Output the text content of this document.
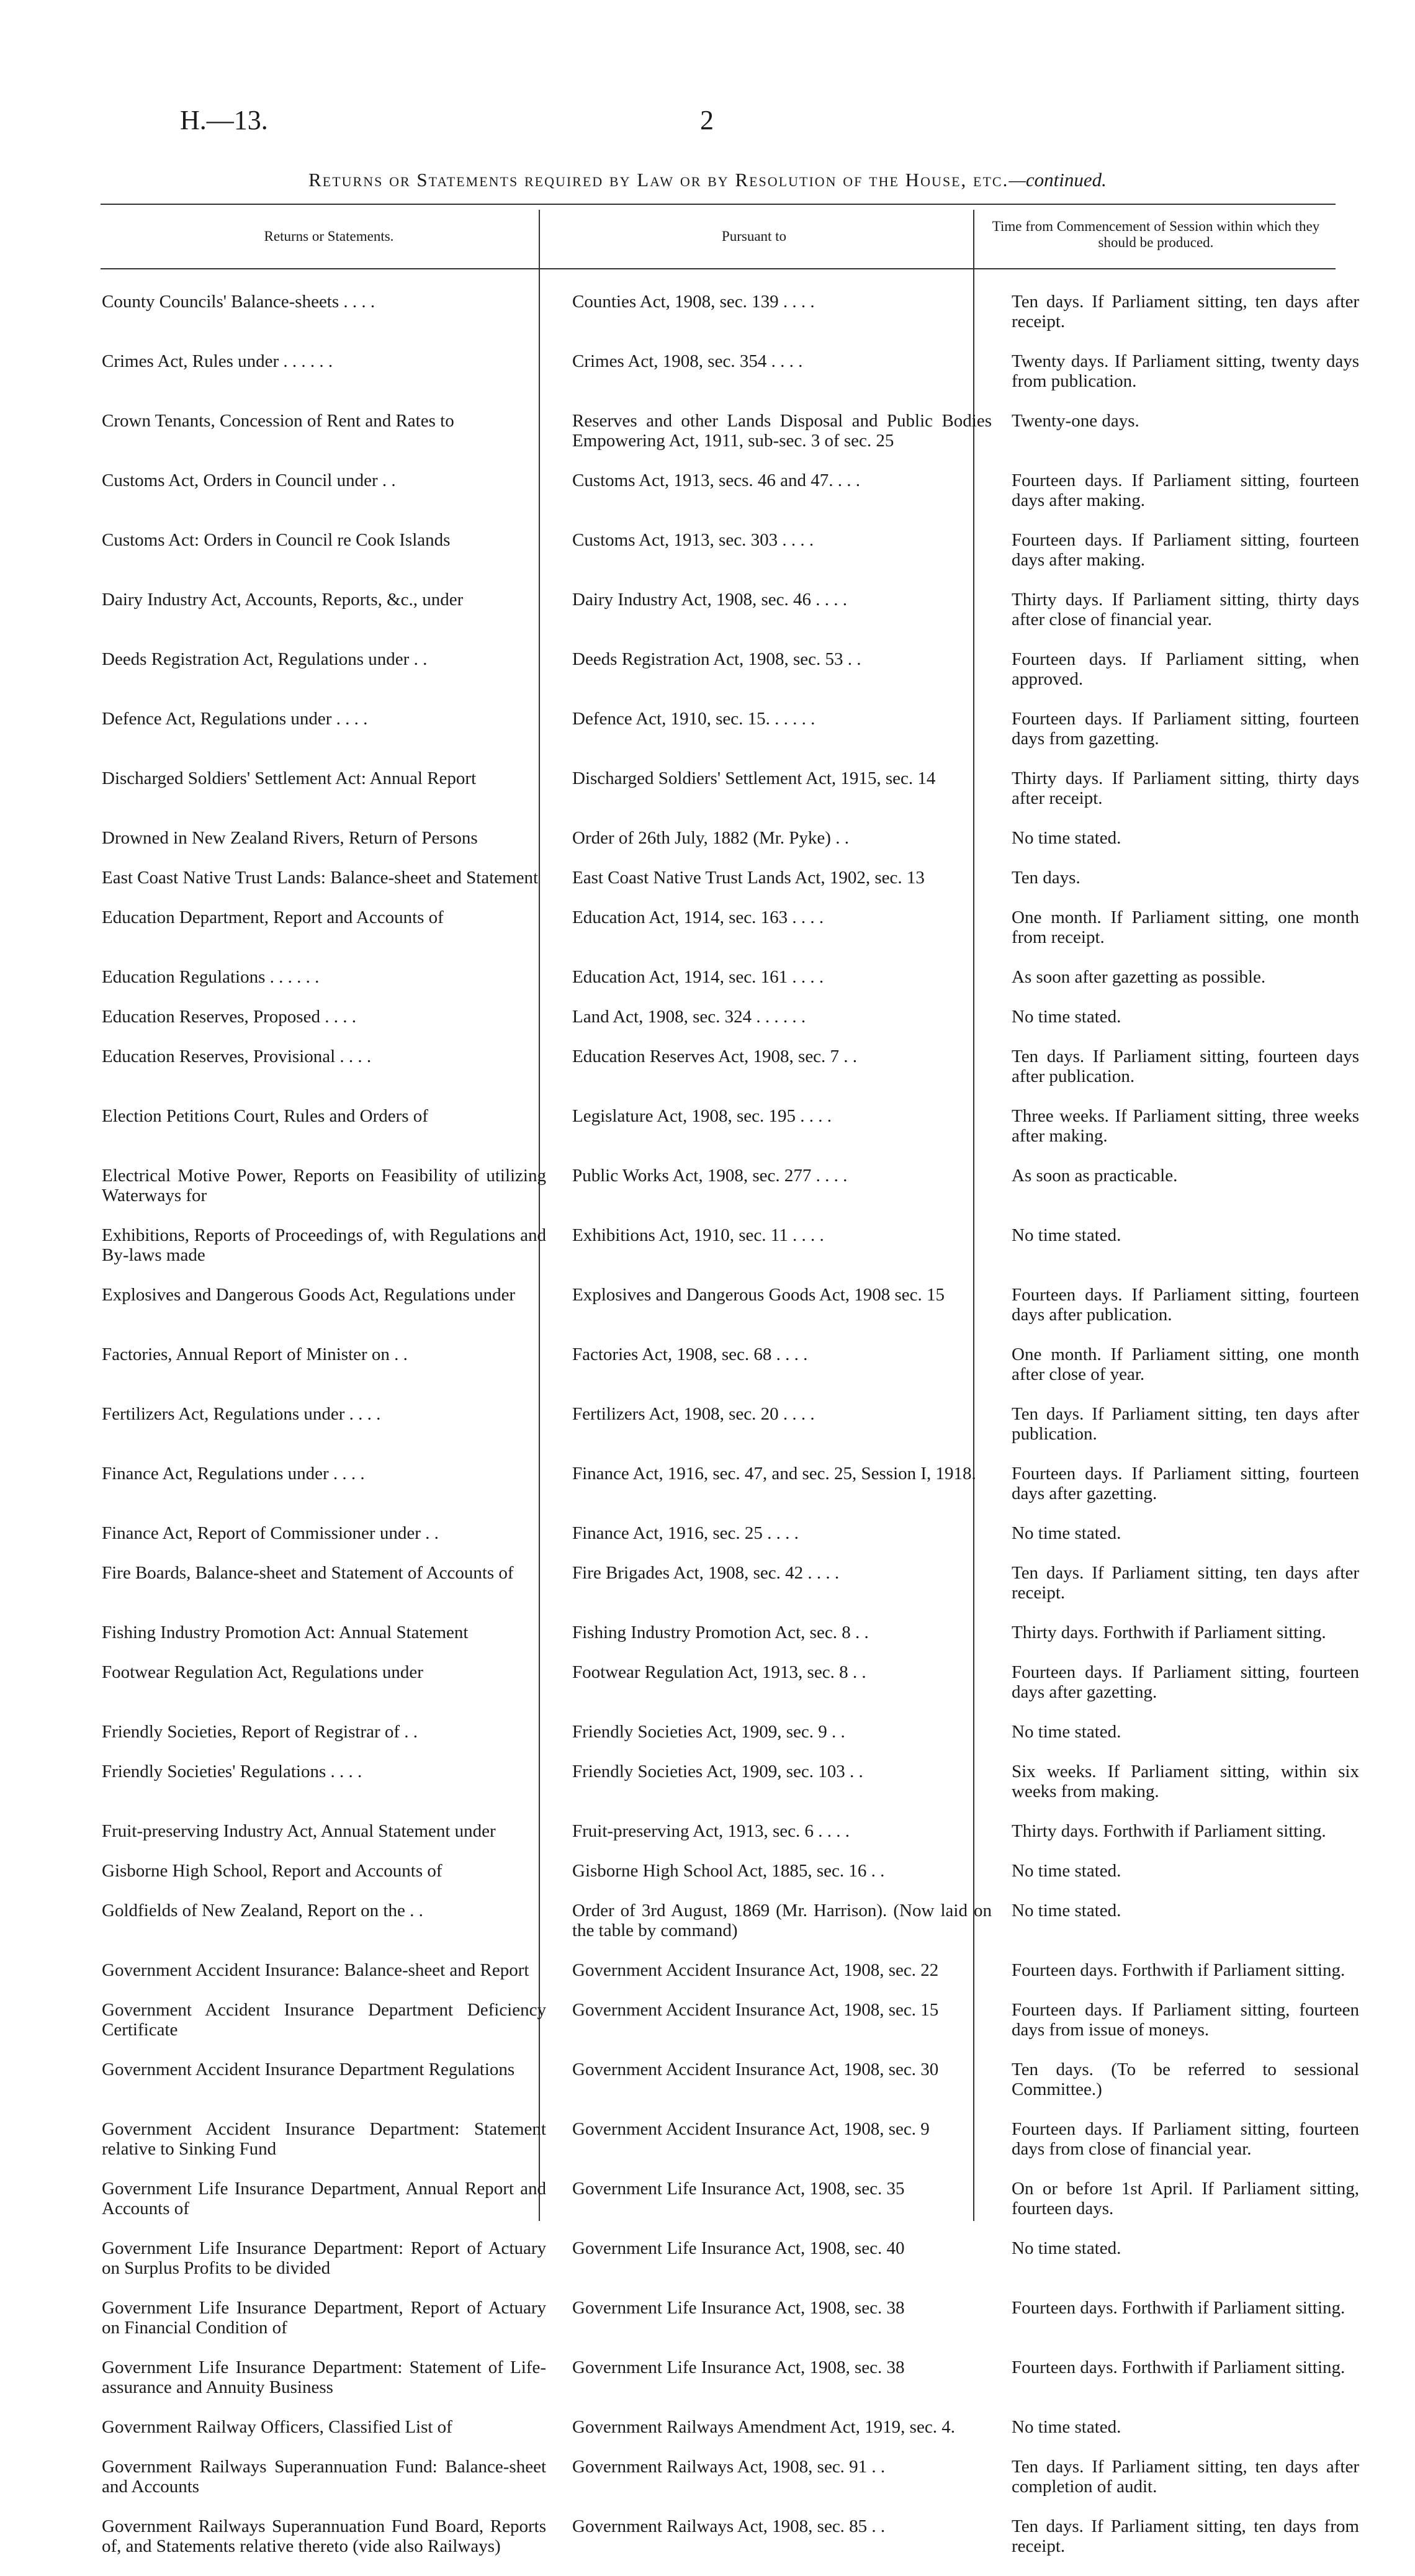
H.—13.	2
Returns or Statements required by Law or by Resolution of the House, etc.—continued.
Returns or Statements.	Pursuant to
Time from Commencement of Session within which they should be produced.
County Councils' Balance-sheets . . . .	Counties Act, 1908, sec. 139 . . . .	Ten days. If Parliament sitting, ten days after receipt.
Crimes Act, Rules under . . . . . .	Crimes Act, 1908, sec. 354 . . . .	Twenty days. If Parliament sitting, twenty days from publication.
Crown Tenants, Concession of Rent and Rates to	Reserves and other Lands Disposal and Public Bodies Empowering Act, 1911, sub-sec. 3 of sec. 25	Twenty-one days.
Customs Act, Orders in Council under . .	Customs Act, 1913, secs. 46 and 47. . . .	Fourteen days. If Parliament sitting, fourteen days after making.
Customs Act: Orders in Council re Cook Islands	Customs Act, 1913, sec. 303 . . . .	Fourteen days. If Parliament sitting, fourteen days after making.
Dairy Industry Act, Accounts, Reports, &c., under	Dairy Industry Act, 1908, sec. 46 . . . .	Thirty days. If Parliament sitting, thirty days after close of financial year.
Deeds Registration Act, Regulations under . .	Deeds Registration Act, 1908, sec. 53 . .	Fourteen days. If Parliament sitting, when approved.
Defence Act, Regulations under . . . .	Defence Act, 1910, sec. 15. . . . . .	Fourteen days. If Parliament sitting, fourteen days from gazetting.
Discharged Soldiers' Settlement Act: Annual Report	Discharged Soldiers' Settlement Act, 1915, sec. 14	Thirty days. If Parliament sitting, thirty days after receipt.
Drowned in New Zealand Rivers, Return of Persons	Order of 26th July, 1882 (Mr. Pyke) . .	No time stated.
East Coast Native Trust Lands: Balance-sheet and Statement	East Coast Native Trust Lands Act, 1902, sec. 13	Ten days.
Education Department, Report and Accounts of	Education Act, 1914, sec. 163 . . . .	One month. If Parliament sitting, one month from receipt.
Education Regulations . . . . . .	Education Act, 1914, sec. 161 . . . .	As soon after gazetting as possible.
Education Reserves, Proposed . . . .	Land Act, 1908, sec. 324 . . . . . .	No time stated.
Education Reserves, Provisional . . . .	Education Reserves Act, 1908, sec. 7 . .	Ten days. If Parliament sitting, fourteen days after publication.
Election Petitions Court, Rules and Orders of	Legislature Act, 1908, sec. 195 . . . .	Three weeks. If Parliament sitting, three weeks after making.
Electrical Motive Power, Reports on Feasibility of utilizing Waterways for	Public Works Act, 1908, sec. 277 . . . .	As soon as practicable.
Exhibitions, Reports of Proceedings of, with Regulations and By-laws made	Exhibitions Act, 1910, sec. 11 . . . .	No time stated.
Explosives and Dangerous Goods Act, Regulations under	Explosives and Dangerous Goods Act, 1908 sec. 15	Fourteen days. If Parliament sitting, fourteen days after publication.
Factories, Annual Report of Minister on . .	Factories Act, 1908, sec. 68 . . . .	One month. If Parliament sitting, one month after close of year.
Fertilizers Act, Regulations under . . . .	Fertilizers Act, 1908, sec. 20 . . . .	Ten days. If Parliament sitting, ten days after publication.
Finance Act, Regulations under . . . .	Finance Act, 1916, sec. 47, and sec. 25, Session I, 1918.	Fourteen days. If Parliament sitting, fourteen days after gazetting.
Finance Act, Report of Commissioner under . .	Finance Act, 1916, sec. 25 . . . .	No time stated.
Fire Boards, Balance-sheet and Statement of Accounts of	Fire Brigades Act, 1908, sec. 42 . . . .	Ten days. If Parliament sitting, ten days after receipt.
Fishing Industry Promotion Act: Annual Statement	Fishing Industry Promotion Act, sec. 8 . .	Thirty days. Forthwith if Parliament sitting.
Footwear Regulation Act, Regulations under	Footwear Regulation Act, 1913, sec. 8 . .	Fourteen days. If Parliament sitting, fourteen days after gazetting.
Friendly Societies, Report of Registrar of . .	Friendly Societies Act, 1909, sec. 9 . .	No time stated.
Friendly Societies' Regulations . . . .	Friendly Societies Act, 1909, sec. 103 . .	Six weeks. If Parliament sitting, within six weeks from making.
Fruit-preserving Industry Act, Annual Statement under	Fruit-preserving Act, 1913, sec. 6 . . . .	Thirty days. Forthwith if Parliament sitting.
Gisborne High School, Report and Accounts of	Gisborne High School Act, 1885, sec. 16 . .	No time stated.
Goldfields of New Zealand, Report on the . .	Order of 3rd August, 1869 (Mr. Harrison). (Now laid on the table by command)	No time stated.
Government Accident Insurance: Balance-sheet and Report	Government Accident Insurance Act, 1908, sec. 22	Fourteen days. Forthwith if Parliament sitting.
Government Accident Insurance Department Deficiency Certificate	Government Accident Insurance Act, 1908, sec. 15	Fourteen days. If Parliament sitting, fourteen days from issue of moneys.
Government Accident Insurance Department Regulations	Government Accident Insurance Act, 1908, sec. 30	Ten days. (To be referred to sessional Committee.)
Government Accident Insurance Department: Statement relative to Sinking Fund	Government Accident Insurance Act, 1908, sec. 9	Fourteen days. If Parliament sitting, fourteen days from close of financial year.
Government Life Insurance Department, Annual Report and Accounts of	Government Life Insurance Act, 1908, sec. 35	On or before 1st April. If Parliament sitting, fourteen days.
Government Life Insurance Department: Report of Actuary on Surplus Profits to be divided	Government Life Insurance Act, 1908, sec. 40	No time stated.
Government Life Insurance Department, Report of Actuary on Financial Condition of	Government Life Insurance Act, 1908, sec. 38	Fourteen days. Forthwith if Parliament sitting.
Government Life Insurance Department: Statement of Life-assurance and Annuity Business	Government Life Insurance Act, 1908, sec. 38	Fourteen days. Forthwith if Parliament sitting.
Government Railway Officers, Classified List of	Government Railways Amendment Act, 1919, sec. 4.	No time stated.
Government Railways Superannuation Fund: Balance-sheet and Accounts	Government Railways Act, 1908, sec. 91 . .	Ten days. If Parliament sitting, ten days after completion of audit.
Government Railways Superannuation Fund Board, Reports of, and Statements relative thereto (vide also Railways)	Government Railways Act, 1908, sec. 85 . .	Ten days. If Parliament sitting, ten days from receipt.
